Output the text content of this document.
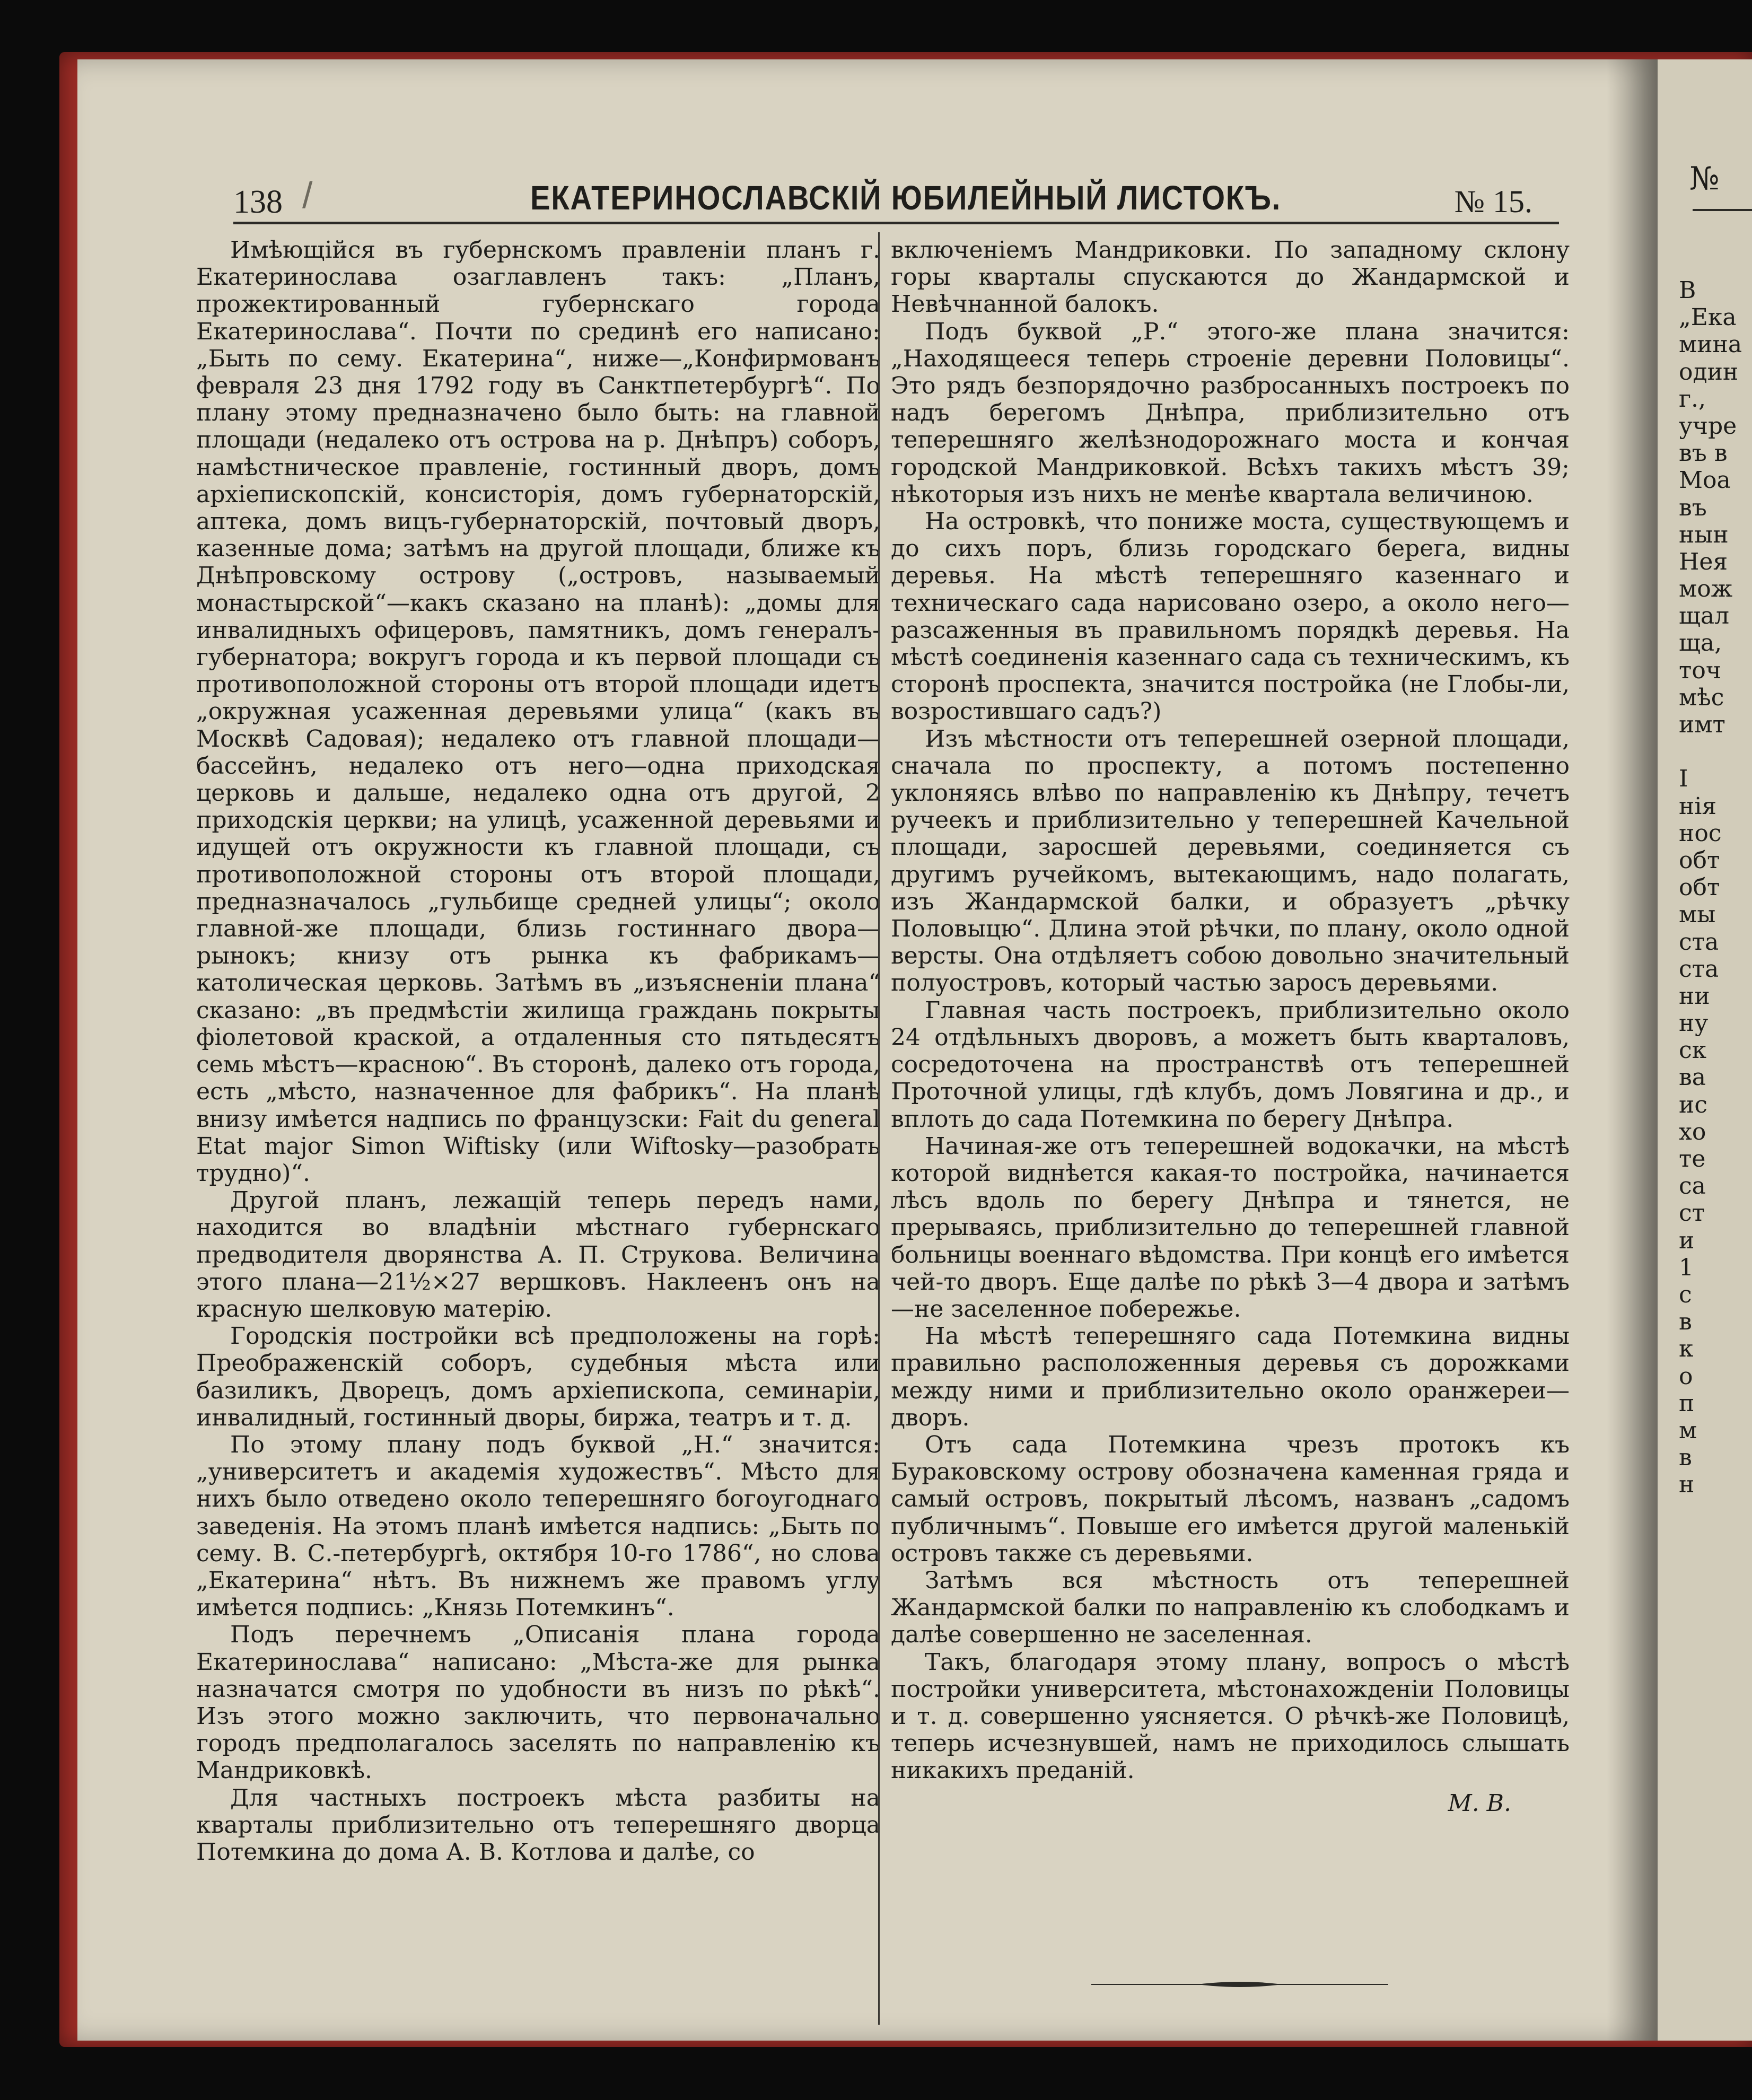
№
В
„Ека
мина
один
г.,
учре
въ в
Моа
въ
нын
Нея
мож
щал
ща,
точ
мѣс
имт
І
нія
нос
обт
обт
мы
ста
ста
ни
ну
ск
ва
ис
хо
те
са
ст
и
1
с
в
к
о
п
м
в
н
138 /	ЕКАТЕРИНОСЛАВСКІЙ ЮБИЛЕЙНЫЙ ЛИСТОКЪ.	№ 15.

Имѣющійся въ губернскомъ правленіи планъ г. Екатеринослава озаглавленъ такъ: „Планъ, прожектированный губернскаго города Екатеринослава“. Почти по срединѣ его написано: „Быть по сему. Екатерина“, ниже—„Конфирмованъ февраля 23 дня 1792 году въ Санктпетербургѣ“. По плану этому предназначено было быть: на главной площади (недалеко отъ острова на р. Днѣпръ) соборъ, намѣстническое правленіе, гостинный дворъ, домъ архіепископскій, консисторія, домъ губернаторскій, аптека, домъ вицъ-губернаторскій, почтовый дворъ, казенные дома; затѣмъ на другой площади, ближе къ Днѣпровскому острову („островъ, называемый монастырской“—какъ сказано на планѣ): „домы для инвалидныхъ офицеровъ, памятникъ, домъ генералъ-губернатора; вокругъ города и къ первой площади съ противоположной стороны отъ второй площади идетъ „окружная усаженная деревьями улица“ (какъ въ Москвѣ Садовая); недалеко отъ главной площади—бассейнъ, недалеко отъ него—одна приходская церковь и дальше, недалеко одна отъ другой, 2 приходскія церкви; на улицѣ, усаженной деревьями и идущей отъ окружности къ главной площади, съ противоположной стороны отъ второй площади, предназначалось „гульбище средней улицы“; около главной-же площади, близь гостиннаго двора—рынокъ; книзу отъ рынка къ фабрикамъ—католическая церковь. Затѣмъ въ „изъясненіи плана“ сказано: „въ предмѣстіи жилища граждань покрыты фіолетовой краской, а отдаленныя сто пятьдесятъ семь мѣстъ—красною“. Въ сторонѣ, далеко отъ города, есть „мѣсто, назначенное для фабрикъ“. На планѣ внизу имѣется надпись по французски: Fait du general Etat major Simon Wiftisky (или Wiftosky—разобрать трудно)“.

Другой планъ, лежащій теперь передъ нами, находится во владѣніи мѣстнаго губернскаго предводителя дворянства А. П. Струкова. Величина этого плана—21½×27 вершковъ. Наклеенъ онъ на красную шелковую матерію.

Городскія постройки всѣ предположены на горѣ: Преображенскій соборъ, судебныя мѣста или базиликъ, Дворецъ, домъ архіепископа, семинаріи, инвалидный, гостинный дворы, биржа, театръ и т. д.

По этому плану подъ буквой „Н.“ значится: „университетъ и академія художествъ“. Мѣсто для нихъ было отведено около теперешняго богоугоднаго заведенія. На этомъ планѣ имѣется надпись: „Быть по сему. В. С.-петербургѣ, октября 10-го 1786“, но слова „Екатерина“ нѣтъ. Въ нижнемъ же правомъ углу имѣется подпись: „Князь Потемкинъ“.

Подъ перечнемъ „Описанія плана города Екатеринослава“ написано: „Мѣста-же для рынка назначатся смотря по удобности въ низъ по рѣкѣ“. Изъ этого можно заключить, что первоначально городъ предполагалось заселять по направленію къ Мандриковкѣ.

Для частныхъ построекъ мѣста разбиты на кварталы приблизительно отъ теперешняго дворца Потемкина до дома А. В. Котлова и далѣе, со

включеніемъ Мандриковки. По западному склону горы кварталы спускаются до Жандармской и Невѣчнанной балокъ.

Подъ буквой „Р.“ этого-же плана значится: „Находящееся теперь строеніе деревни Половицы“. Это рядъ безпорядочно разбросанныхъ построекъ по надъ берегомъ Днѣпра, приблизительно отъ теперешняго желѣзнодорожнаго моста и кончая городской Мандриковкой. Всѣхъ такихъ мѣстъ 39; нѣкоторыя изъ нихъ не менѣе квартала величиною.

На островкѣ, что пониже моста, существующемъ и до сихъ поръ, близь городскаго берега, видны деревья. На мѣстѣ теперешняго казеннаго и техническаго сада нарисовано озеро, а около него—разсаженныя въ правильномъ порядкѣ деревья. На мѣстѣ соединенія казеннаго сада съ техническимъ, къ сторонѣ проспекта, значится постройка (не Глобы-ли, возростившаго садъ?)

Изъ мѣстности отъ теперешней озерной площади, сначала по проспекту, а потомъ постепенно уклоняясь влѣво по направленію къ Днѣпру, течетъ ручеекъ и приблизительно у теперешней Качельной площади, заросшей деревьями, соединяется съ другимъ ручейкомъ, вытекающимъ, надо полагать, изъ Жандармской балки, и образуетъ „рѣчку Половыцю“. Длина этой рѣчки, по плану, около одной версты. Она отдѣляетъ собою довольно значительный полуостровъ, который частью заросъ деревьями.

Главная часть построекъ, приблизительно около 24 отдѣльныхъ дворовъ, а можетъ быть кварталовъ, сосредоточена на пространствѣ отъ теперешней Проточной улицы, гдѣ клубъ, домъ Ловягина и др., и вплоть до сада Потемкина по берегу Днѣпра.

Начиная-же отъ теперешней водокачки, на мѣстѣ которой виднѣется какая-то постройка, начинается лѣсъ вдоль по берегу Днѣпра и тянется, не прерываясь, приблизительно до теперешней главной больницы военнаго вѣдомства. При концѣ его имѣется чей-то дворъ. Еще далѣе по рѣкѣ 3—4 двора и затѣмъ—не заселенное побережье.

На мѣстѣ теперешняго сада Потемкина видны правильно расположенныя деревья съ дорожками между ними и приблизительно около оранжереи—дворъ.

Отъ сада Потемкина чрезъ протокъ къ Бураковскому острову обозначена каменная гряда и самый островъ, покрытый лѣсомъ, названъ „садомъ публичнымъ“. Повыше его имѣется другой маленькій островъ также съ деревьями.

Затѣмъ вся мѣстность отъ теперешней Жандармской балки по направленію къ слободкамъ и далѣе совершенно не заселенная.

Такъ, благодаря этому плану, вопросъ о мѣстѣ постройки университета, мѣстонахожденіи Половицы и т. д. совершенно уясняется. О рѣчкѣ-же Половицѣ, теперь исчезнувшей, намъ не приходилось слышать никакихъ преданій.

М. В.
